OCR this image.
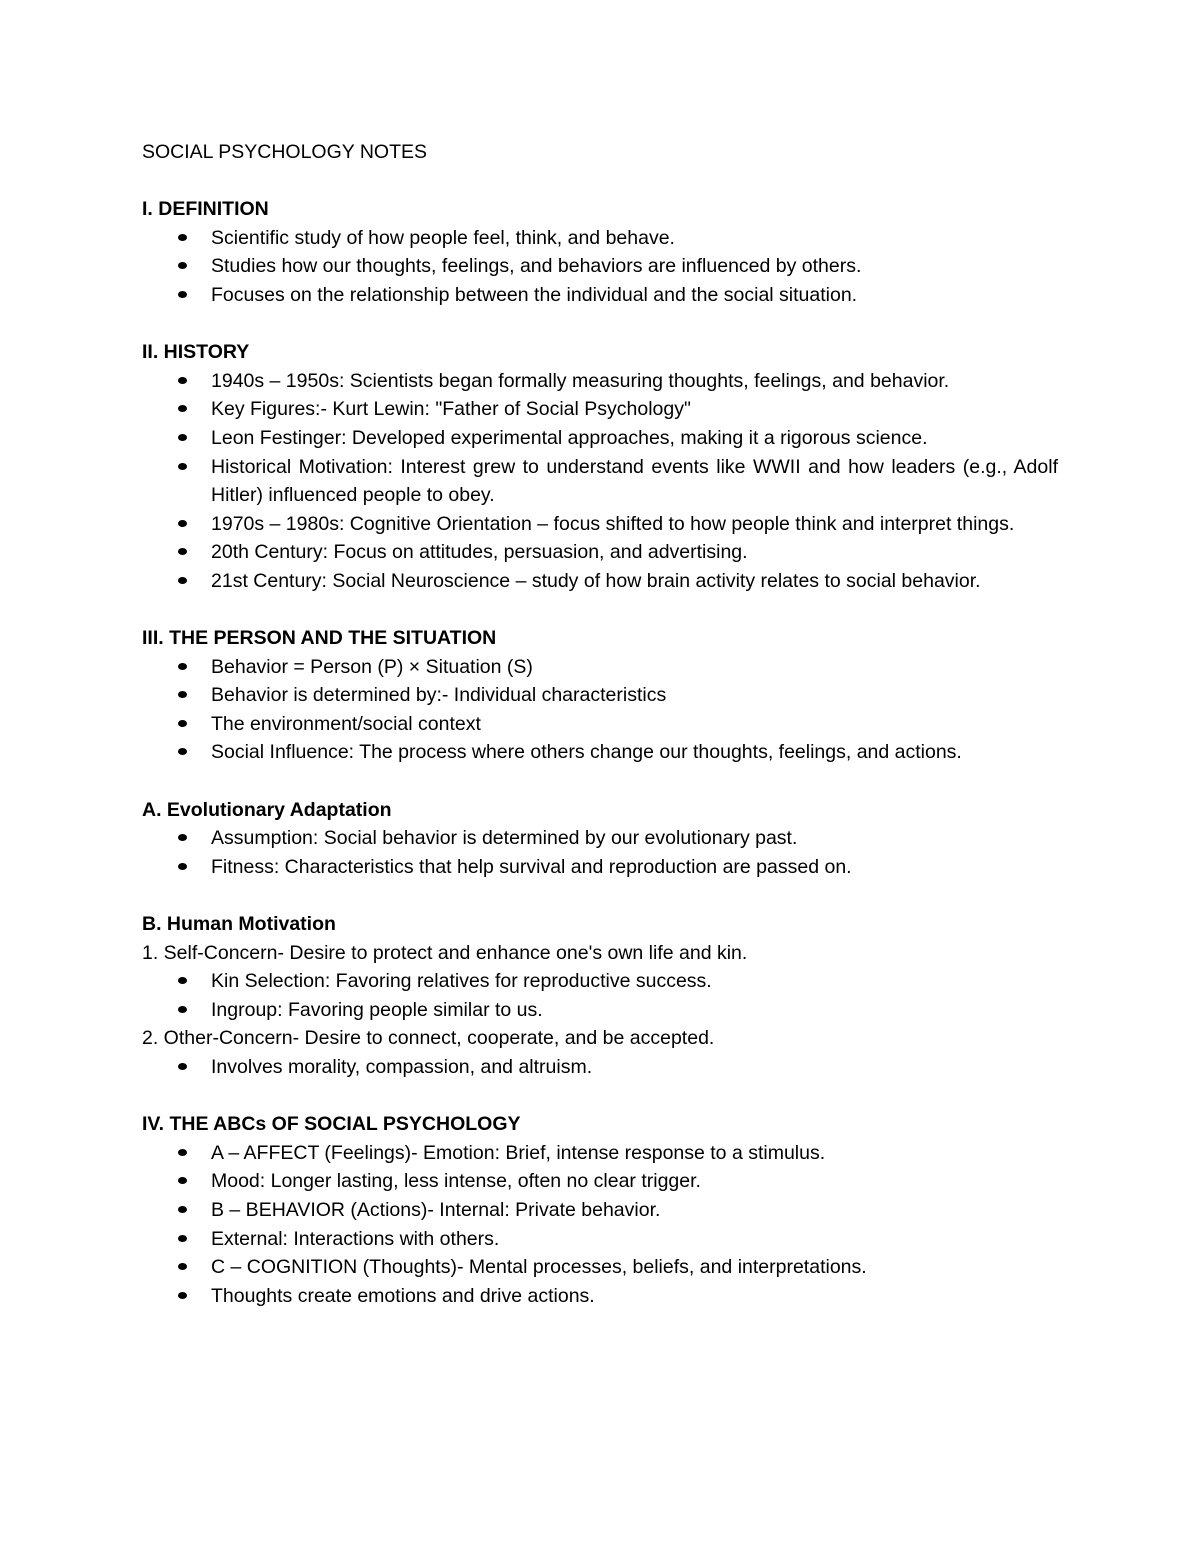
SOCIAL PSYCHOLOGY NOTES
I. DEFINITION
Scientific study of how people feel, think, and behave.
Studies how our thoughts, feelings, and behaviors are influenced by others.
Focuses on the relationship between the individual and the social situation.
II. HISTORY
1940s – 1950s: Scientists began formally measuring thoughts, feelings, and behavior.
Key Figures:- Kurt Lewin: "Father of Social Psychology"
Leon Festinger: Developed experimental approaches, making it a rigorous science.
Historical Motivation: Interest grew to understand events like WWII and how leaders (e.g., Adolf Hitler) influenced people to obey.
1970s – 1980s: Cognitive Orientation – focus shifted to how people think and interpret things.
20th Century: Focus on attitudes, persuasion, and advertising.
21st Century: Social Neuroscience – study of how brain activity relates to social behavior.
III. THE PERSON AND THE SITUATION
Behavior = Person (P) × Situation (S)
Behavior is determined by:- Individual characteristics
The environment/social context
Social Influence: The process where others change our thoughts, feelings, and actions.
A. Evolutionary Adaptation
Assumption: Social behavior is determined by our evolutionary past.
Fitness: Characteristics that help survival and reproduction are passed on.
B. Human Motivation
1. Self-Concern- Desire to protect and enhance one's own life and kin.
Kin Selection: Favoring relatives for reproductive success.
Ingroup: Favoring people similar to us.
2. Other-Concern- Desire to connect, cooperate, and be accepted.
Involves morality, compassion, and altruism.
IV. THE ABCs OF SOCIAL PSYCHOLOGY
A – AFFECT (Feelings)- Emotion: Brief, intense response to a stimulus.
Mood: Longer lasting, less intense, often no clear trigger.
B – BEHAVIOR (Actions)- Internal: Private behavior.
External: Interactions with others.
C – COGNITION (Thoughts)- Mental processes, beliefs, and interpretations.
Thoughts create emotions and drive actions.
